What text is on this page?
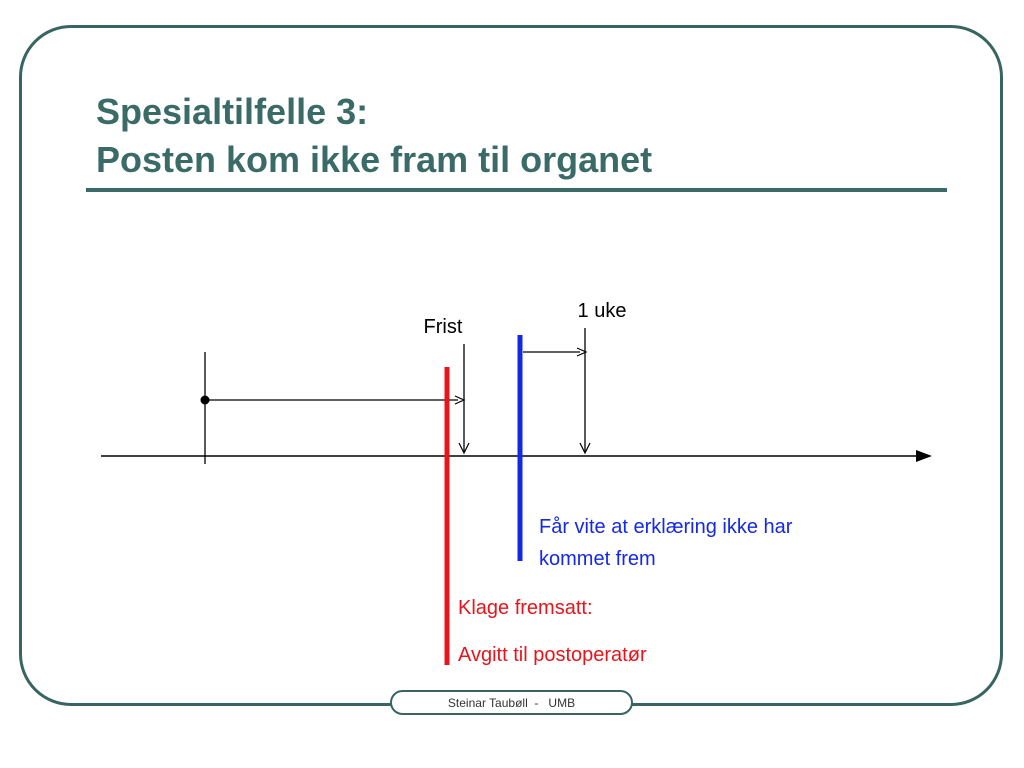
Spesialtilfelle 3:
Posten kom ikke fram til organet
Frist
1 uke
Får vite at erklæring ikke har
kommet frem
Klage fremsatt:
Avgitt til postoperatør
Steinar Taubøll  -   UMB
